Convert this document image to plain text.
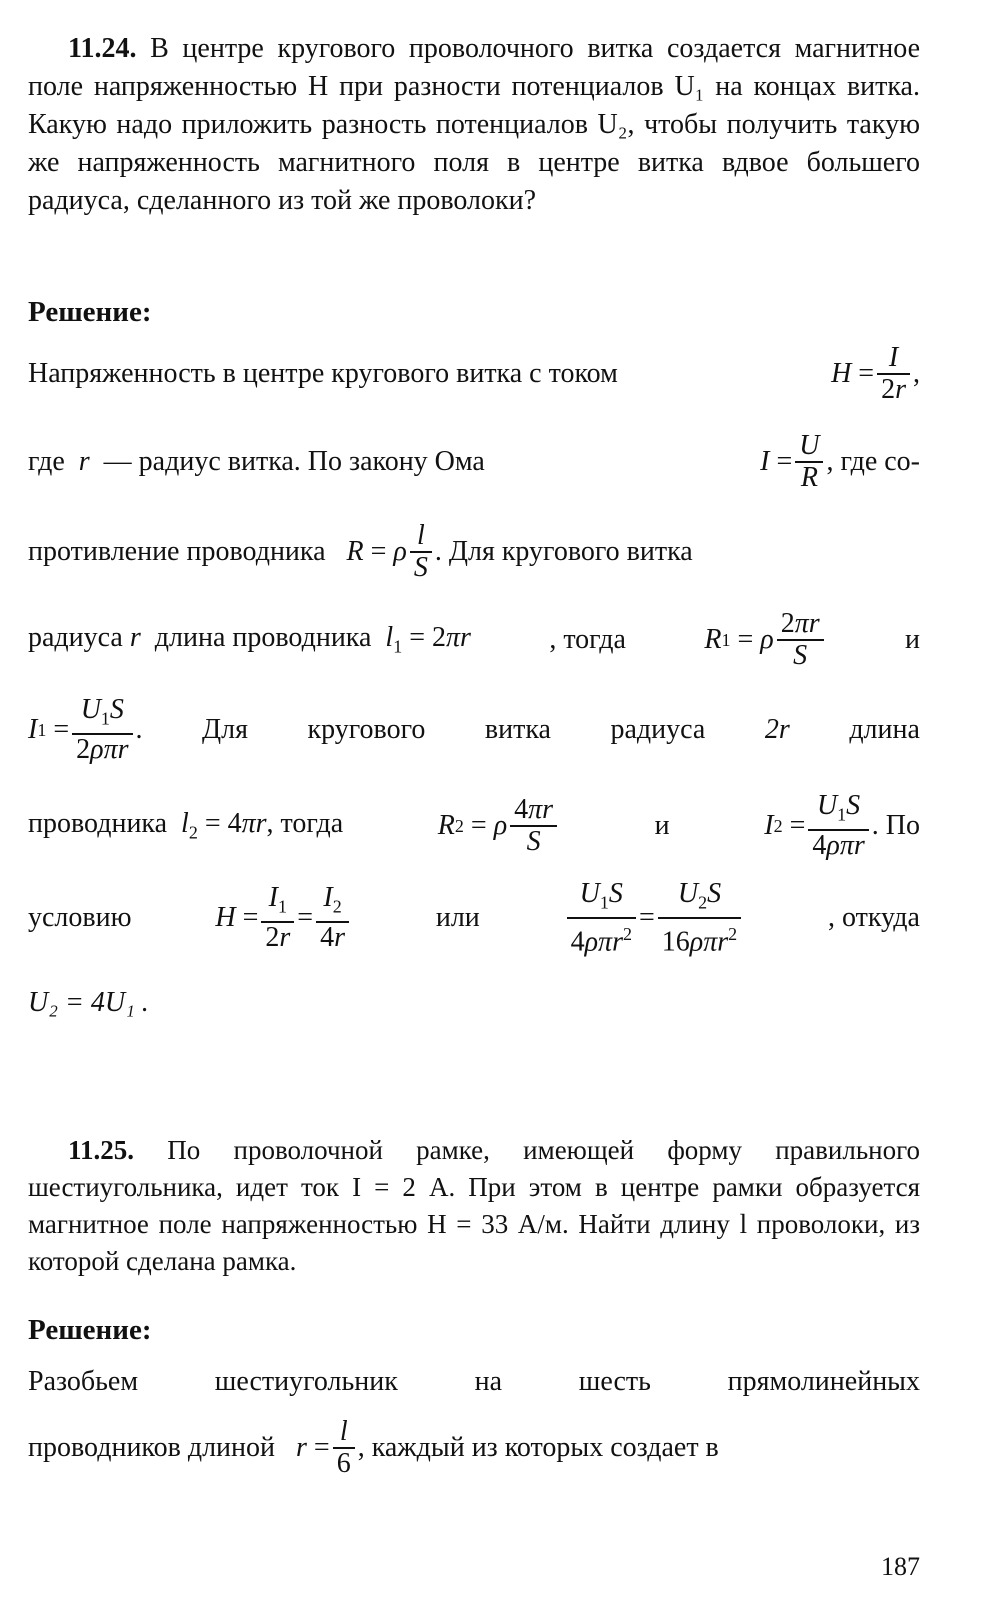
11.24. В центре кругового проволочного витка создается магнитное поле напряженностью H при разности потенциалов U₁ на концах витка. Какую надо приложить разность потенциалов U₂, чтобы получить такую же напряженность магнитного поля в центре витка вдвое большего радиуса, сделанного из той же проволоки?
Решение:
Напряженность в центре кругового витка с током	$H = \frac{I}{2r}$ ,
где r — радиус витка. По закону Ома	$I = \frac{U}{R}$ , где со-
противление проводника R = ρ $\frac{l}{S}$ . Для кругового витка
радиуса r длина проводника $l_1 = 2\pi r$	, тогда	R 1 = ρ $\frac{2\pi r}{S}$	и
I $1 = \frac{U_1S}{\text{2ρπr}}$ . Для кругового витка радиуса 2r длина
проводника $l_2 = 4\pi r$, тогда	R 2 = ρ $\frac{4\pi r}{S}$	и	I $2 = \frac{U_1S}{\text{4ρπr}}$ . По
условию	$H = \frac{I_1}{2r} = \frac{I_2}{4r}$	или	$\frac{U_1S}{4\rho\pi r^2} = \frac{U_2S}{16\rho\pi r^2}$	, откуда
U₂ = 4U₁ .
11.25. По проволочной рамке, имеющей форму правильного шестиугольника, идет ток I = 2 А. При этом в центре рамки образуется магнитное поле напряженностью H = 33 А/м. Найти длину l проволоки, из которой сделана рамка.
Решение:
Разобьем	шестиугольник	на	шесть	прямолинейных
проводников длиной $r = \frac{l}{6}$ , каждый из которых создает в
187
